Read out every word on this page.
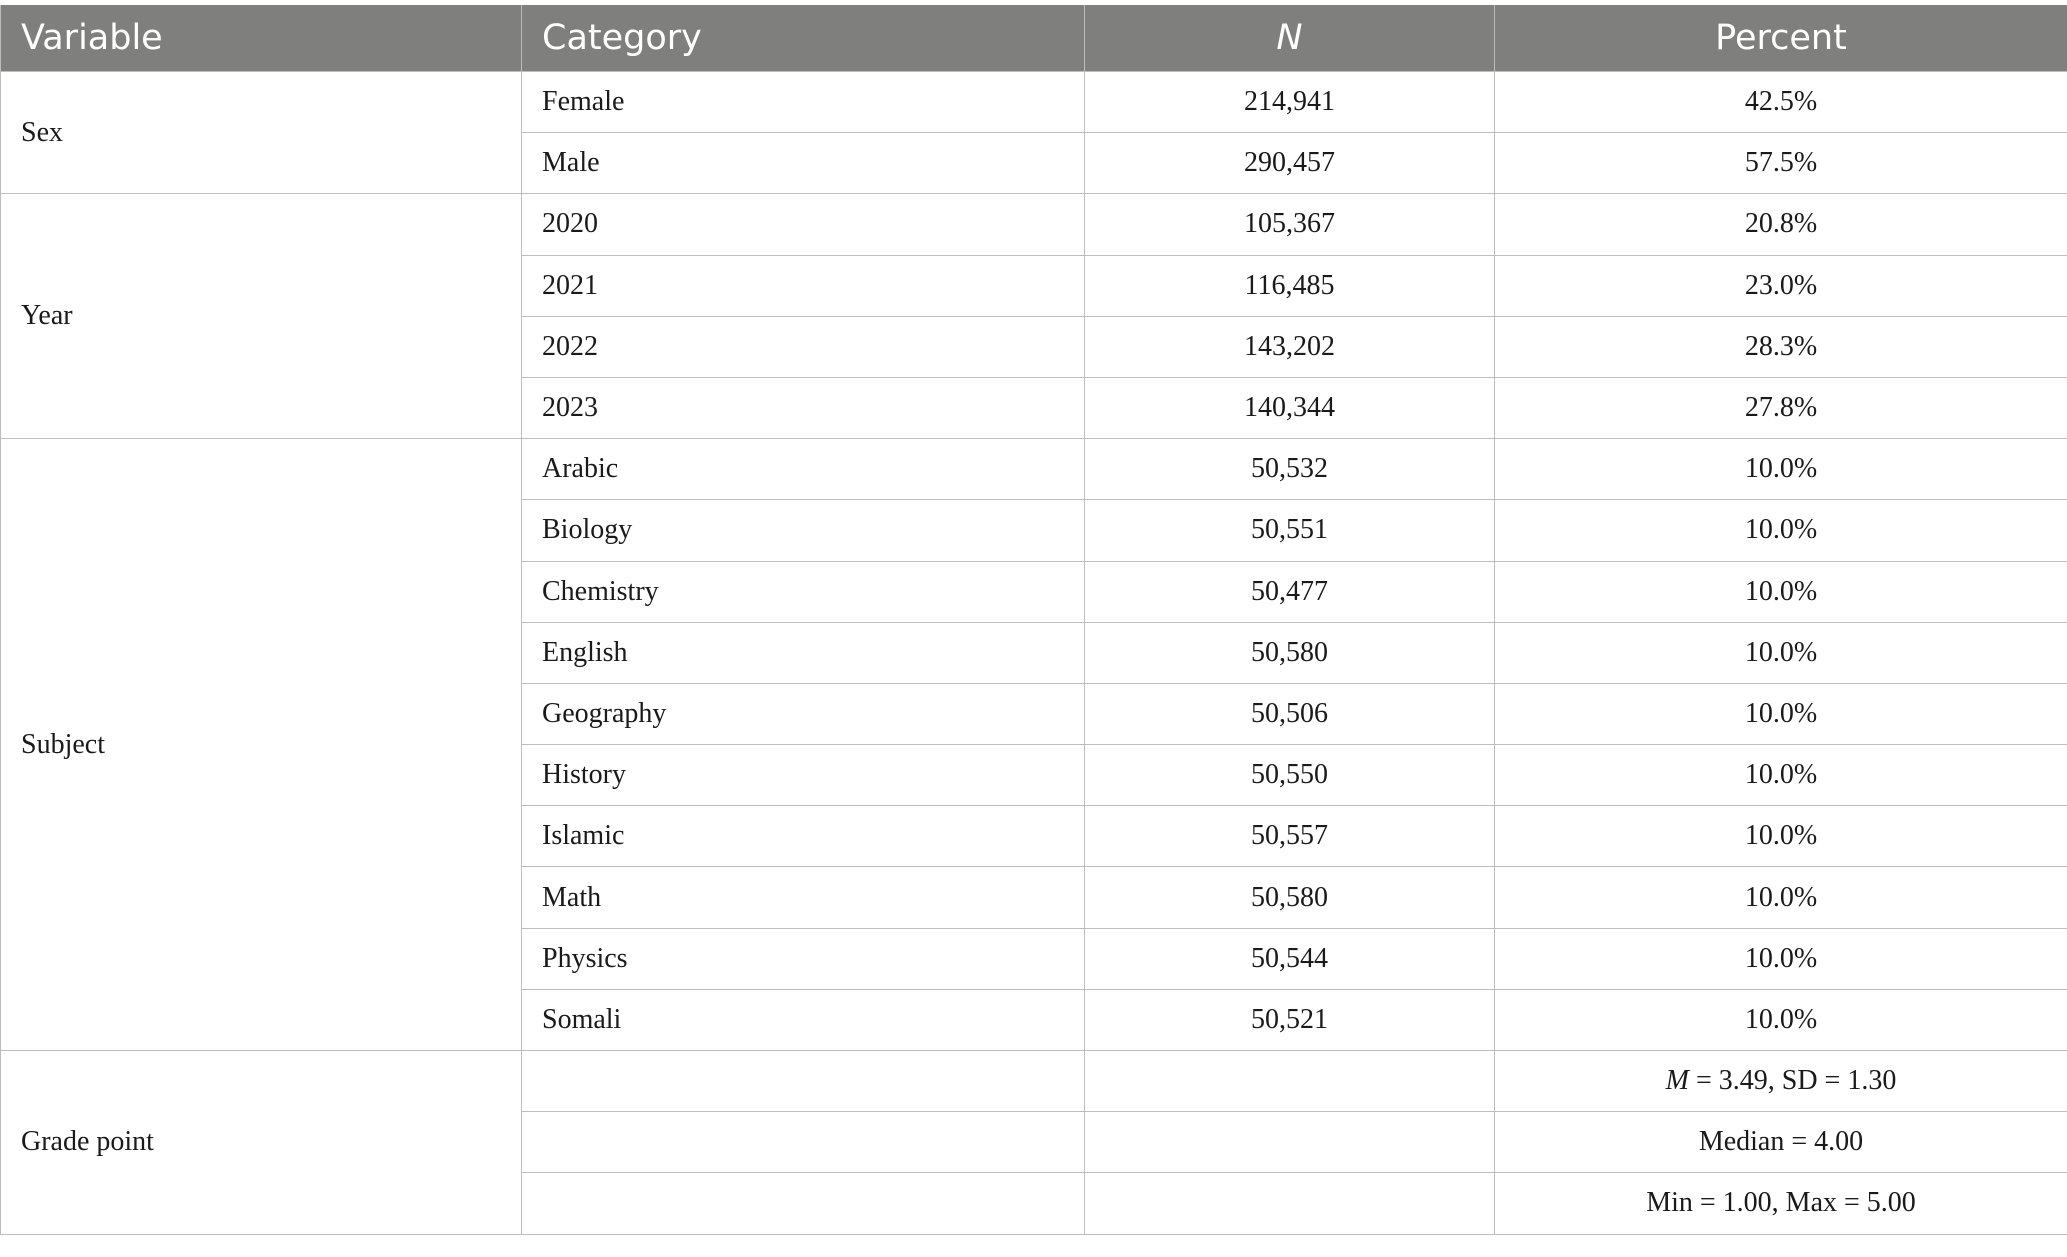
Variable	Category	N	Percent
Sex	Female	214,941	42.5%
	Male	290,457	57.5%
Year	2020	105,367	20.8%
	2021	116,485	23.0%
	2022	143,202	28.3%
	2023	140,344	27.8%
Subject	Arabic	50,532	10.0%
	Biology	50,551	10.0%
	Chemistry	50,477	10.0%
	English	50,580	10.0%
	Geography	50,506	10.0%
	History	50,550	10.0%
	Islamic	50,557	10.0%
	Math	50,580	10.0%
	Physics	50,544	10.0%
	Somali	50,521	10.0%
Grade point			M = 3.49, SD = 1.30
			Median = 4.00
			Min = 1.00, Max = 5.00
